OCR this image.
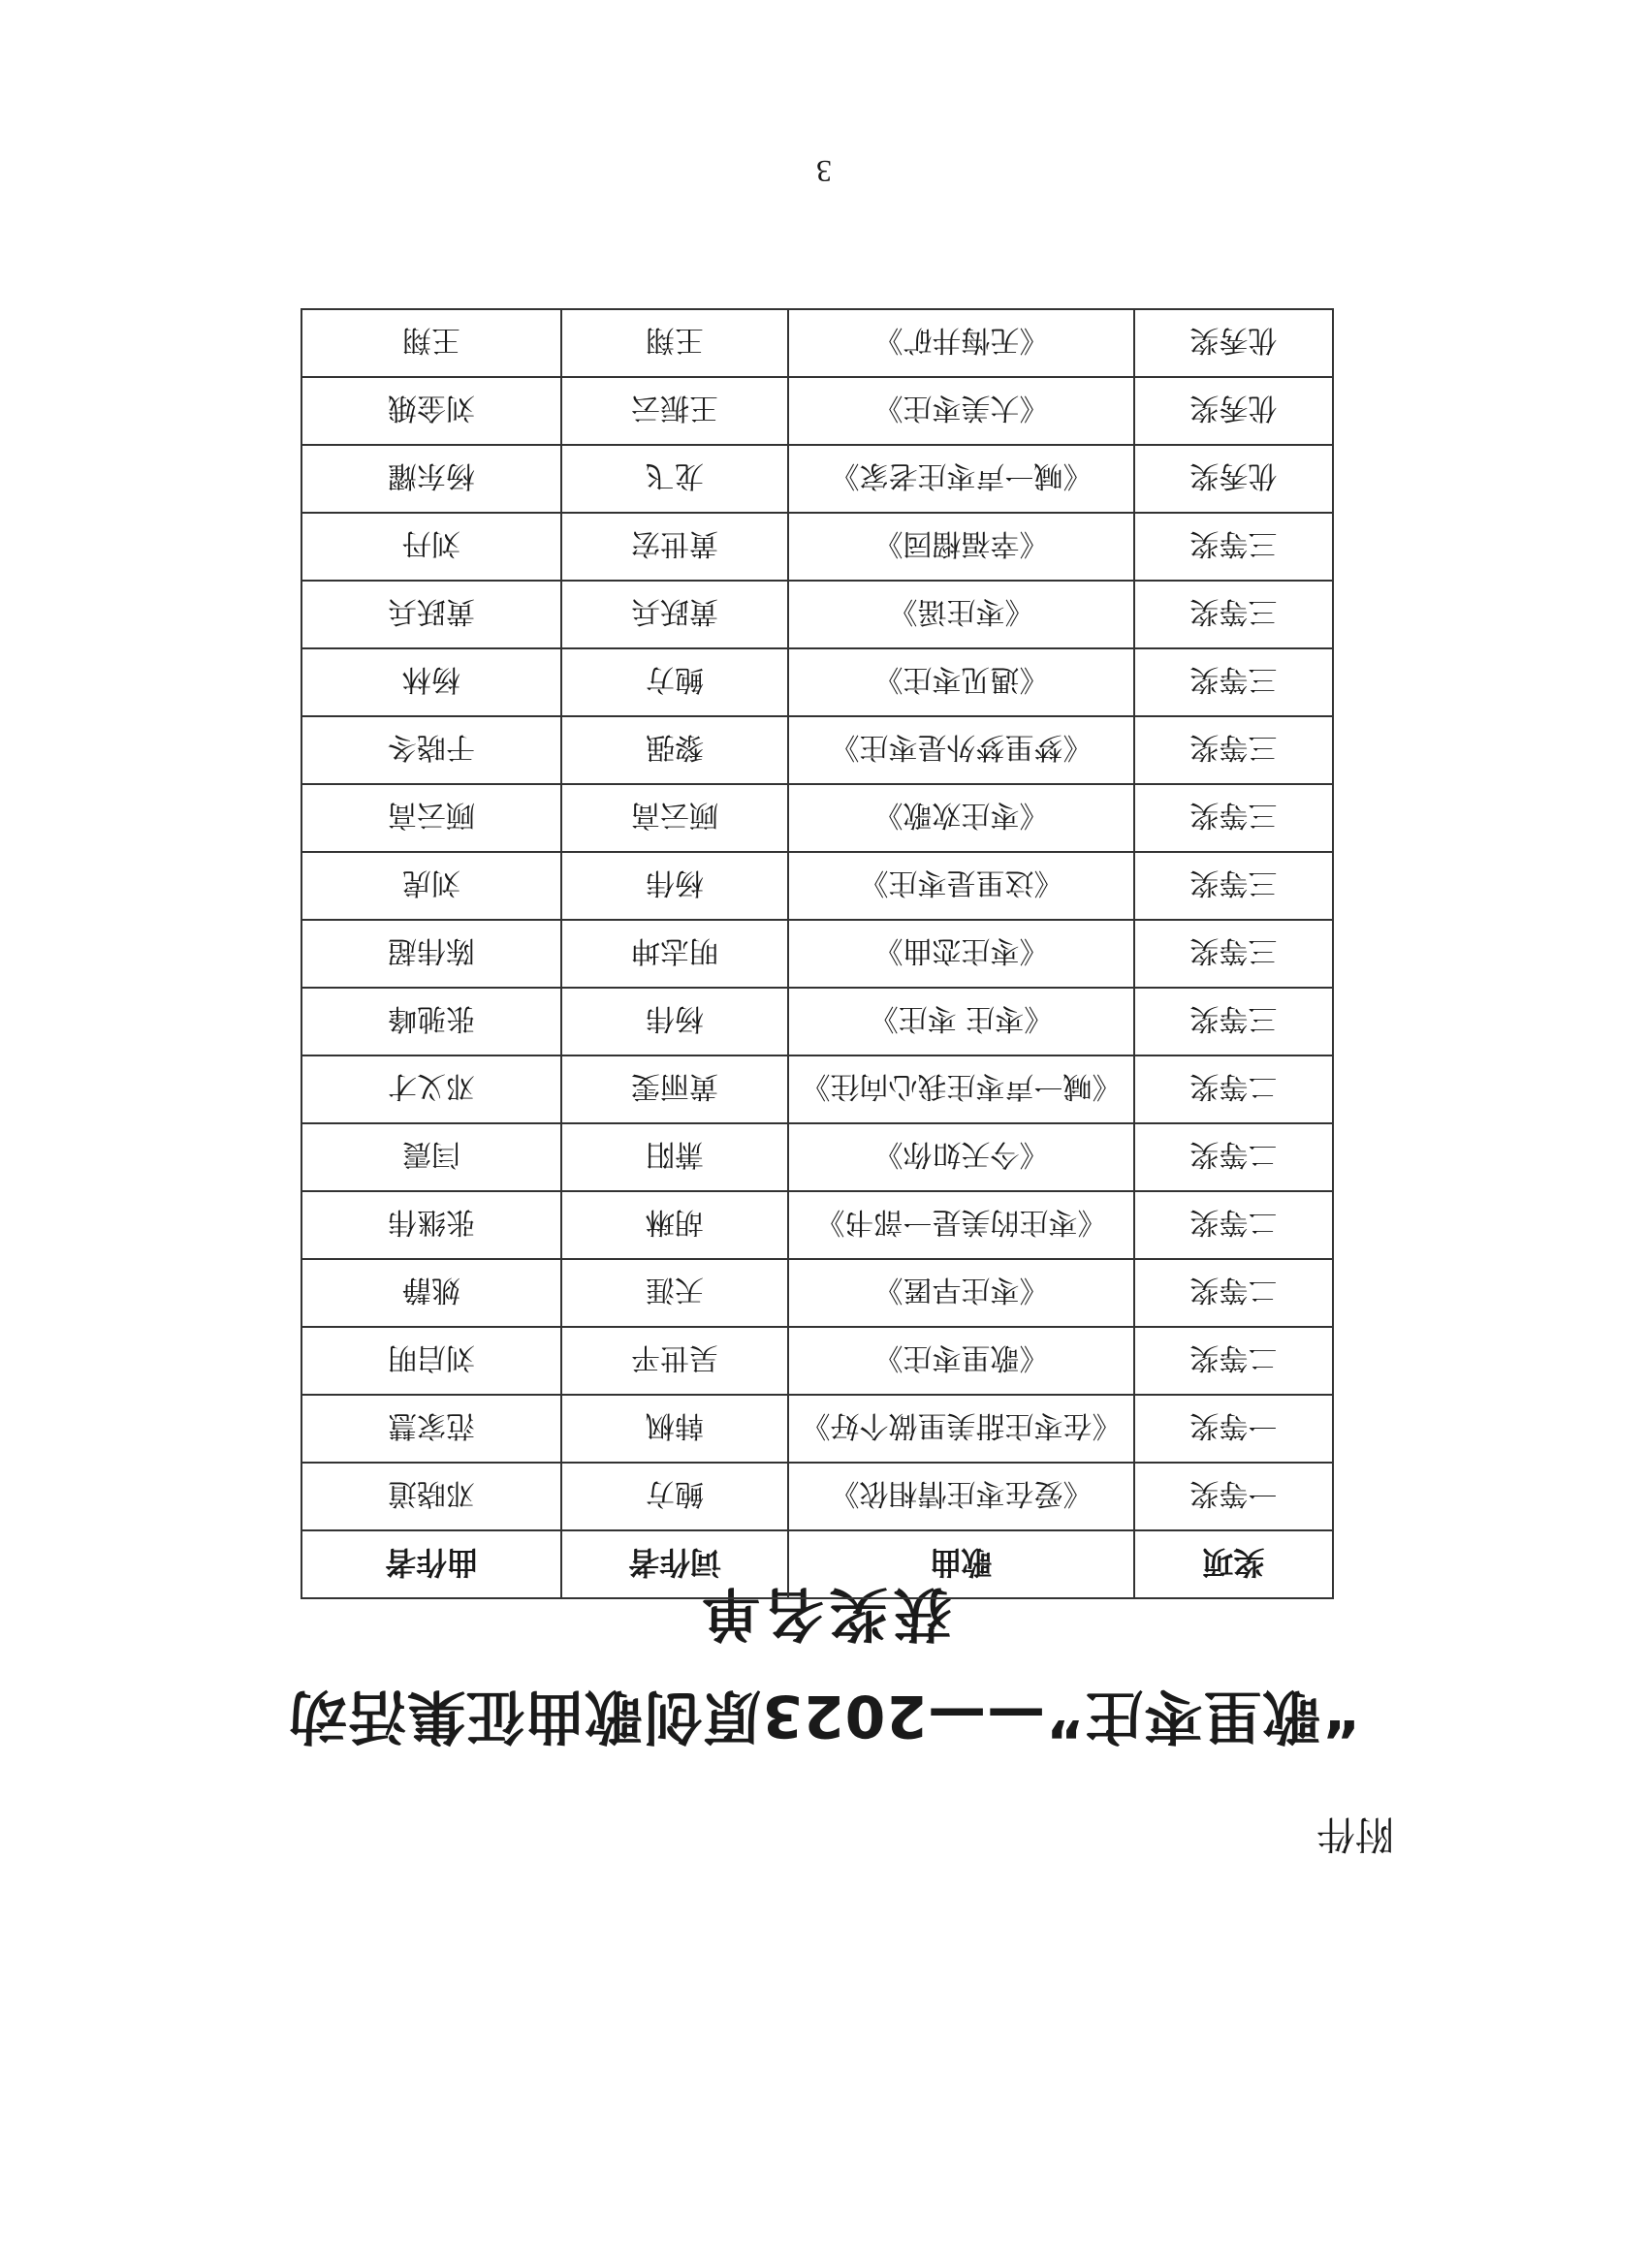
附件
“歌里枣庄”——2023原创歌曲征集活动
获奖名单
奖项	歌曲	词作者	曲作者
一等奖	《爱在枣庄情相依》	鲍方	邓晓道
一等奖	《在枣庄甜美里做个好》	韩枫	范家慧
二等奖	《歌里枣庄》	吴世平	刘启明
二等奖	《枣庄早匿》	天涯	姚静
二等奖	《枣庄的美是一部书》	胡琳	张继伟
二等奖	《今天如你》	萧阳	闫震
二等奖	《喊一声枣庄我心向往》	黄丽雯	邓义才
三等奖	《枣庄 枣庄》	杨伟	张驰峰
三等奖	《枣庄恋曲》	明志坤	陈伟超
三等奖	《这里是枣庄》	杨伟	刘虎
三等奖	《枣庄欢歌》	顾云高	顾云高
三等奖	《梦里梦外是枣庄》	黎强	于晓冬
三等奖	《遇见枣庄》	鲍方	杨林
三等奖	《枣庄谣》	黄跃兵	黄跃兵
三等奖	《幸福榴园》	黄世宏	刘丹
优秀奖	《喊一声枣庄老家》	龙飞	杨东耀
优秀奖	《大美枣庄》	王振云	刘金娥
优秀奖	《无悔井矿》	王翔	王翔
3
